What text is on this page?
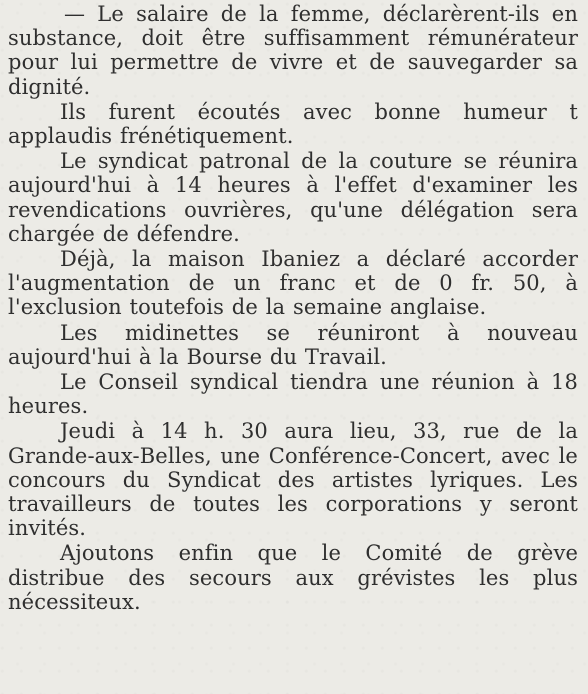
— Le salaire de la femme, déclarèrent-ils en substance, doit être suffisamment rémunérateur pour lui permettre de vivre et de sauvegarder sa dignité.

Ils furent écoutés avec bonne humeur t applaudis frénétiquement.

Le syndicat patronal de la couture se réunira aujourd'hui à 14 heures à l'effet d'examiner les revendications ouvrières, qu'une délégation sera chargée de défendre.

Déjà, la maison Ibaniez a déclaré accorder l'augmentation de un franc et de 0 fr. 50, à l'exclusion toutefois de la semaine anglaise.

Les midinettes se réuniront à nouveau aujourd'hui à la Bourse du Travail.

Le Conseil syndical tiendra une réunion à 18 heures.

Jeudi à 14 h. 30 aura lieu, 33, rue de la Grande-aux-Belles, une Conférence-Concert, avec le concours du Syndicat des artistes lyriques. Les travailleurs de toutes les corporations y seront invités.

Ajoutons enfin que le Comité de grève distribue des secours aux grévistes les plus nécessiteux.
